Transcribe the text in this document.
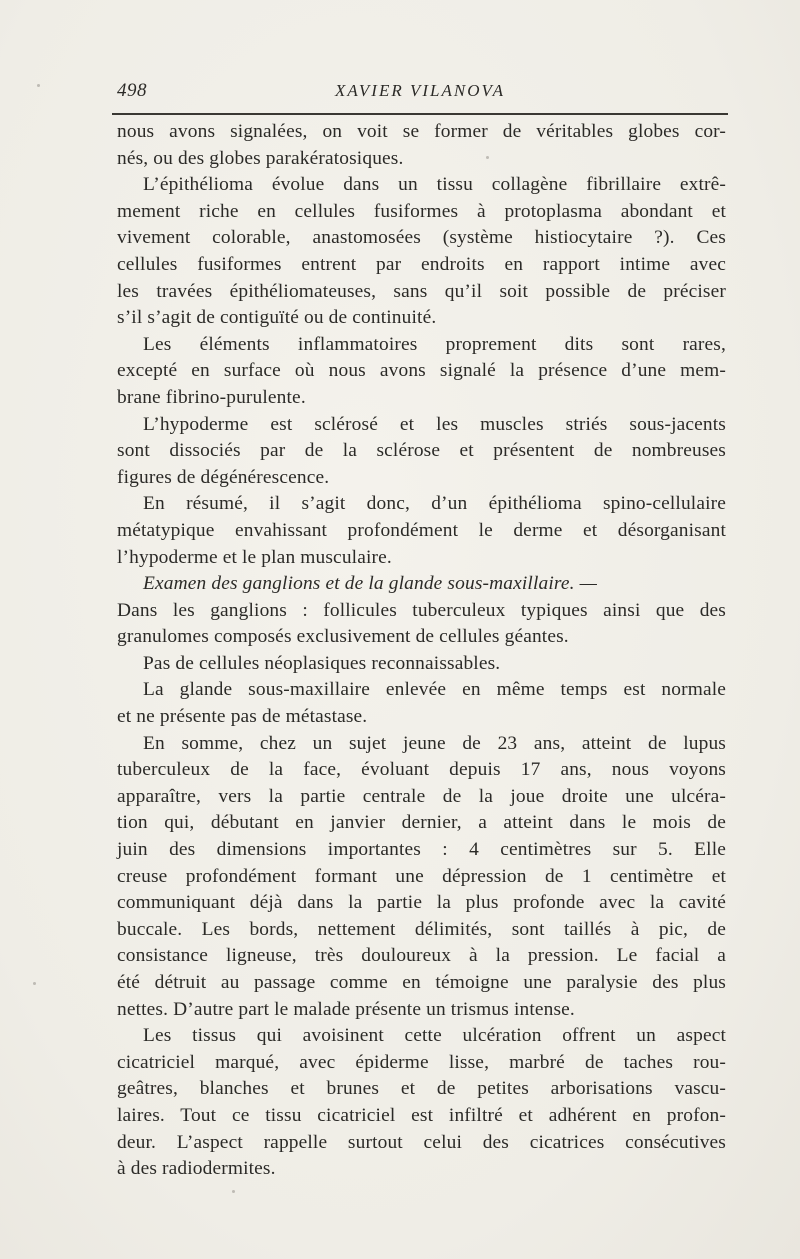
498	XAVIER VILANOVA
nous avons signalées, on voit se former de véritables globes cor-
nés, ou des globes parakératosiques.
L’épithélioma évolue dans un tissu collagène fibrillaire extrê-
mement riche en cellules fusiformes à protoplasma abondant et
vivement colorable, anastomosées (système histiocytaire ?). Ces
cellules fusiformes entrent par endroits en rapport intime avec
les travées épithéliomateuses, sans qu’il soit possible de préciser
s’il s’agit de contiguïté ou de continuité.
Les éléments inflammatoires proprement dits sont rares,
excepté en surface où nous avons signalé la présence d’une mem-
brane fibrino-purulente.
L’hypoderme est sclérosé et les muscles striés sous-jacents
sont dissociés par de la sclérose et présentent de nombreuses
figures de dégénérescence.
En résumé, il s’agit donc, d’un épithélioma spino-cellulaire
métatypique envahissant profondément le derme et désorganisant
l’hypoderme et le plan musculaire.
Examen des ganglions et de la glande sous-maxillaire. —
Dans les ganglions : follicules tuberculeux typiques ainsi que des
granulomes composés exclusivement de cellules géantes.
Pas de cellules néoplasiques reconnaissables.
La glande sous-maxillaire enlevée en même temps est normale
et ne présente pas de métastase.
En somme, chez un sujet jeune de 23 ans, atteint de lupus
tuberculeux de la face, évoluant depuis 17 ans, nous voyons
apparaître, vers la partie centrale de la joue droite une ulcéra-
tion qui, débutant en janvier dernier, a atteint dans le mois de
juin des dimensions importantes : 4 centimètres sur 5. Elle
creuse profondément formant une dépression de 1 centimètre et
communiquant déjà dans la partie la plus profonde avec la cavité
buccale. Les bords, nettement délimités, sont taillés à pic, de
consistance ligneuse, très douloureux à la pression. Le facial a
été détruit au passage comme en témoigne une paralysie des plus
nettes. D’autre part le malade présente un trismus intense.
Les tissus qui avoisinent cette ulcération offrent un aspect
cicatriciel marqué, avec épiderme lisse, marbré de taches rou-
geâtres, blanches et brunes et de petites arborisations vascu-
laires. Tout ce tissu cicatriciel est infiltré et adhérent en profon-
deur. L’aspect rappelle surtout celui des cicatrices consécutives
à des radiodermites.
